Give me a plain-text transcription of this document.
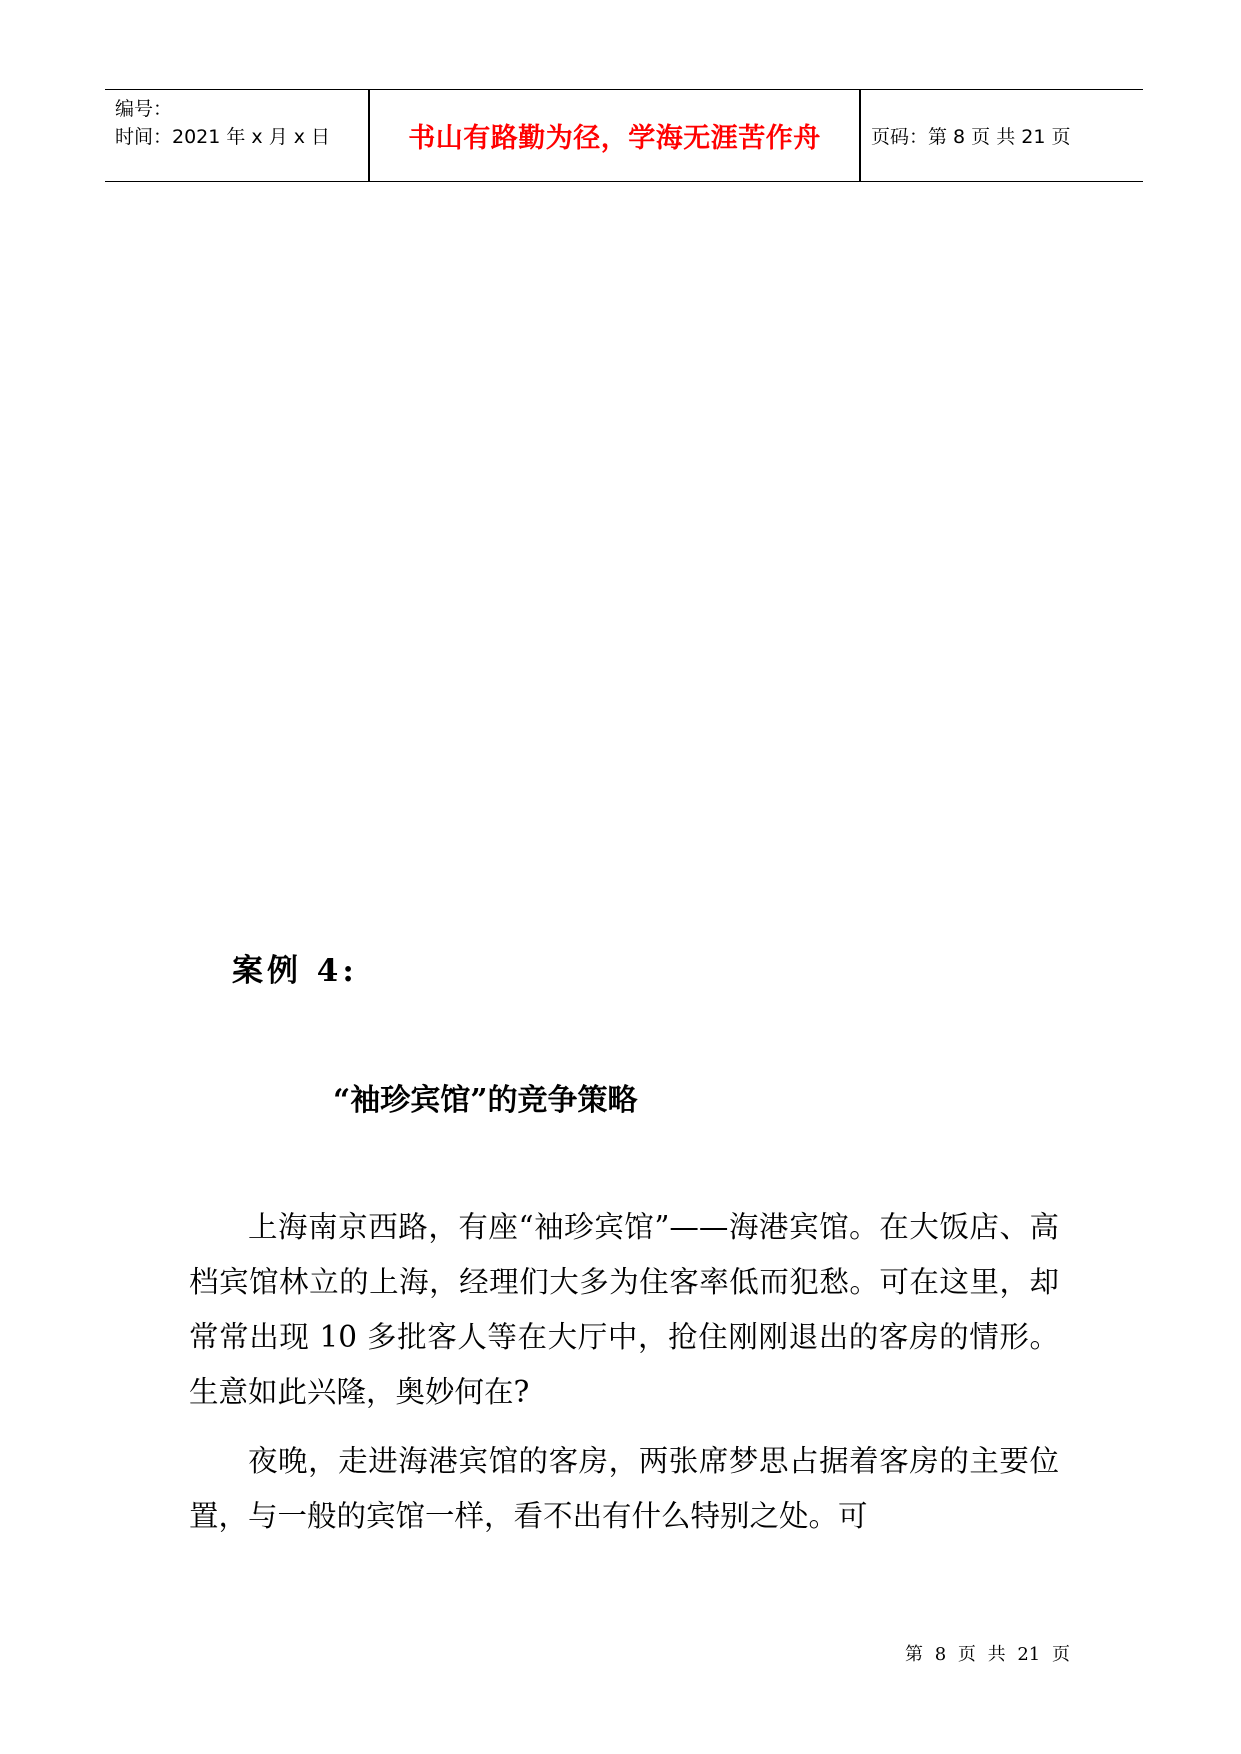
编号：
时间：2021 年 x 月 x 日	书山有路勤为径，学海无涯苦作舟	页码：第 8 页 共 21 页
案例 4:
“袖珍宾馆”的竞争策略

上海南京西路，有座“袖珍宾馆”——海港宾馆。在大饭店、高档宾馆林立的上海，经理们大多为住客率低而犯愁。可在这里，却常常出现 10 多批客人等在大厅中，抢住刚刚退出的客房的情形。生意如此兴隆，奥妙何在?

夜晚，走进海港宾馆的客房，两张席梦思占据着客房的主要位置，与一般的宾馆一样，看不出有什么特别之处。可

第 8 页 共 21 页
